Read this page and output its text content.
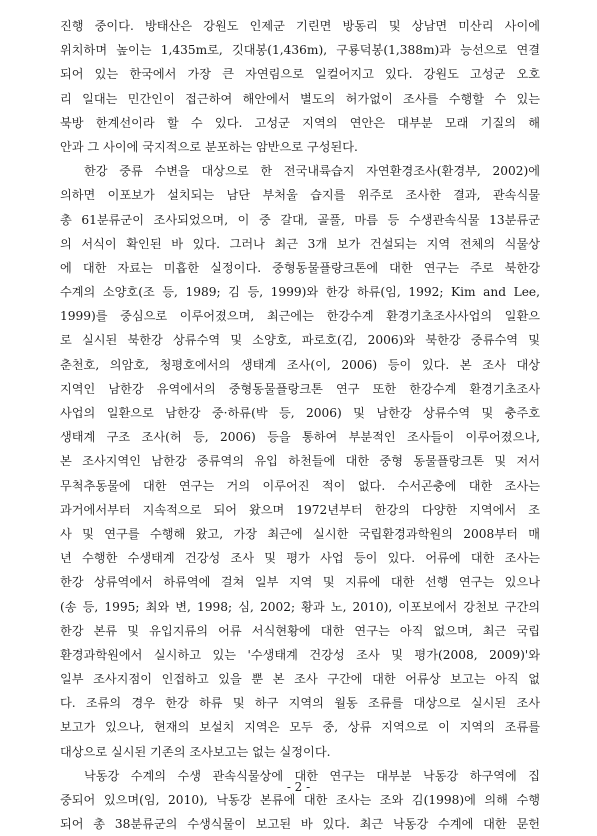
진행 중이다. 방태산은 강원도 인제군 기린면 방동리 및 상남면 미산리 사이에
위치하며 높이는 1,435m로, 깃대봉(1,436m), 구룡덕봉(1,388m)과 능선으로 연결
되어 있는 한국에서 가장 큰 자연림으로 일컬어지고 있다. 강원도 고성군 오호
리 일대는 민간인이 접근하여 해안에서 별도의 허가없이 조사를 수행할 수 있는
북방 한계선이라 할 수 있다. 고성군 지역의 연안은 대부분 모래 기질의 해
안과 그 사이에 국지적으로 분포하는 암반으로 구성된다.
한강 중류 수변을 대상으로 한 전국내륙습지 자연환경조사(환경부, 2002)에
의하면 이포보가 설치되는 남단 부처울 습지를 위주로 조사한 결과, 관속식물
총 61분류군이 조사되었으며, 이 중 갈대, 골풀, 마름 등 수생관속식물 13분류군
의 서식이 확인된 바 있다. 그러나 최근 3개 보가 건설되는 지역 전체의 식물상
에 대한 자료는 미흡한 실정이다. 중형동물플랑크톤에 대한 연구는 주로 북한강
수계의 소양호(조 등, 1989; 김 등, 1999)와 한강 하류(임, 1992; Kim and Lee,
1999)를 중심으로 이루어졌으며, 최근에는 한강수계 환경기초조사사업의 일환으
로 실시된 북한강 상류수역 및 소양호, 파로호(김, 2006)와 북한강 중류수역 및
춘천호, 의암호, 청평호에서의 생태계 조사(이, 2006) 등이 있다. 본 조사 대상
지역인 남한강 유역에서의 중형동물플랑크톤 연구 또한 한강수계 환경기초조사
사업의 일환으로 남한강 중·하류(박 등, 2006) 및 남한강 상류수역 및 충주호
생태계 구조 조사(허 등, 2006) 등을 통하여 부분적인 조사들이 이루어졌으나,
본 조사지역인 남한강 중류역의 유입 하천들에 대한 중형 동물플랑크톤 및 저서
무척추동물에 대한 연구는 거의 이루어진 적이 없다. 수서곤충에 대한 조사는
과거에서부터 지속적으로 되어 왔으며 1972년부터 한강의 다양한 지역에서 조
사 및 연구를 수행해 왔고, 가장 최근에 실시한 국립환경과학원의 2008부터 매
년 수행한 수생태계 건강성 조사 및 평가 사업 등이 있다. 어류에 대한 조사는
한강 상류역에서 하류역에 걸쳐 일부 지역 및 지류에 대한 선행 연구는 있으나
(송 등, 1995; 최와 변, 1998; 심, 2002; 황과 노, 2010), 이포보에서 강천보 구간의
한강 본류 및 유입지류의 어류 서식현황에 대한 연구는 아직 없으며, 최근 국립
환경과학원에서 실시하고 있는 '수생태계 건강성 조사 및 평가(2008, 2009)'와
일부 조사지점이 인접하고 있을 뿐 본 조사 구간에 대한 어류상 보고는 아직 없
다. 조류의 경우 한강 하류 및 하구 지역의 월동 조류를 대상으로 실시된 조사
보고가 있으나, 현재의 보설치 지역은 모두 중, 상류 지역으로 이 지역의 조류를
대상으로 실시된 기존의 조사보고는 없는 실정이다.
낙동강 수계의 수생 관속식물상에 대한 연구는 대부분 낙동강 하구역에 집
중되어 있으며(임, 2010), 낙동강 본류에 대한 조사는 조와 김(1998)에 의해 수행
되어 총 38분류군의 수생식물이 보고된 바 있다. 최근 낙동강 수계에 대한 문헌
- 2 -
